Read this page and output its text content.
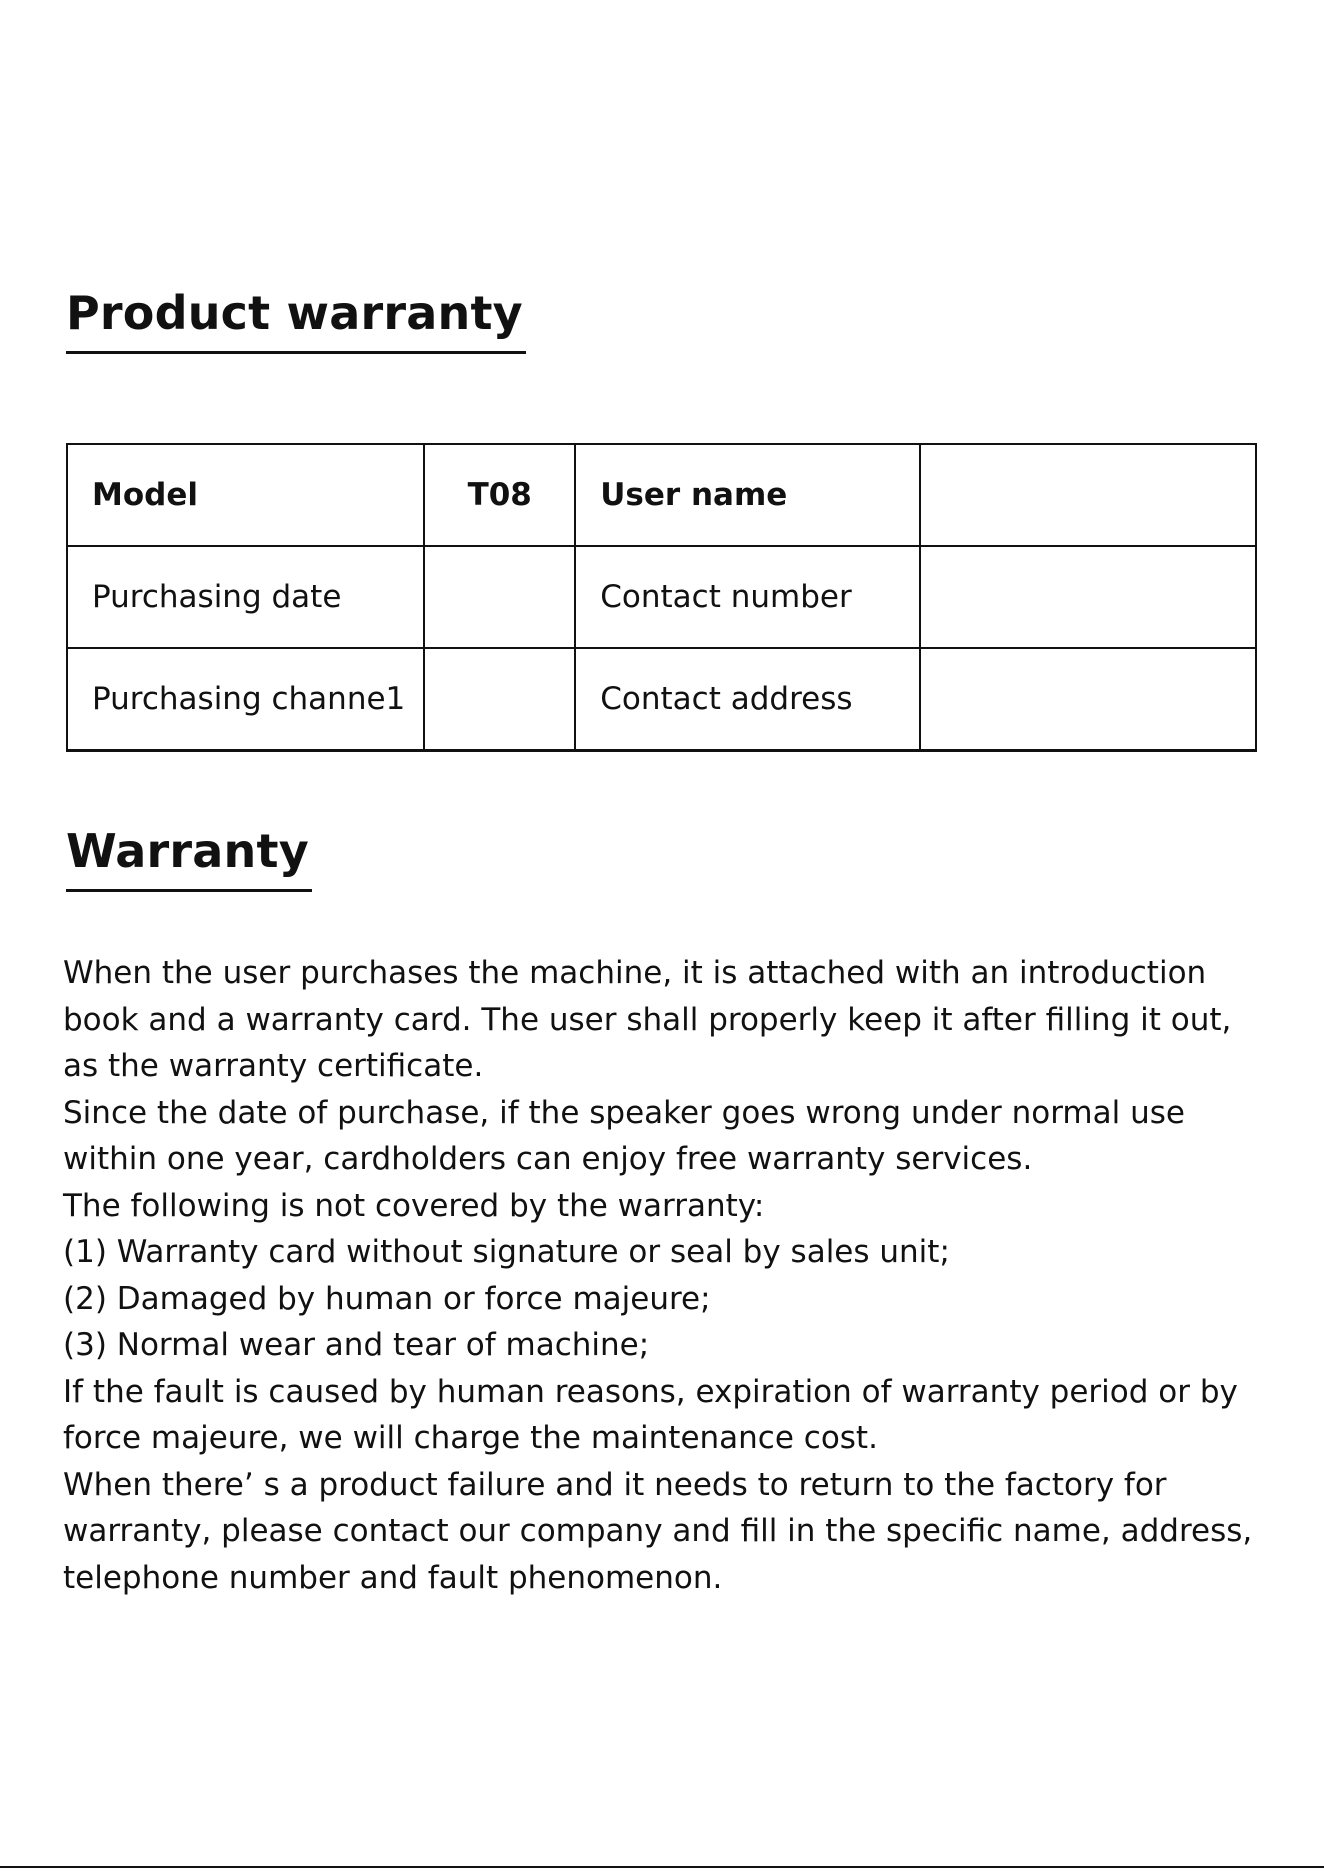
Product warranty
Model	T08	User name	
Purchasing date		Contact number	
Purchasing channe1		Contact address	
Warranty

When the user purchases the machine, it is attached with an introduction book and a warranty card. The user shall properly keep it after filling it out, as the warranty certificate.

Since the date of purchase, if the speaker goes wrong under normal use within one year, cardholders can enjoy free warranty services.

The following is not covered by the warranty:

(1) Warranty card without signature or seal by sales unit;

(2) Damaged by human or force majeure;

(3) Normal wear and tear of machine;

If the fault is caused by human reasons, expiration of warranty period or by force majeure, we will charge the maintenance cost.

When there’ s a product failure and it needs to return to the factory for warranty, please contact our company and fill in the specific name, address, telephone number and fault phenomenon.
